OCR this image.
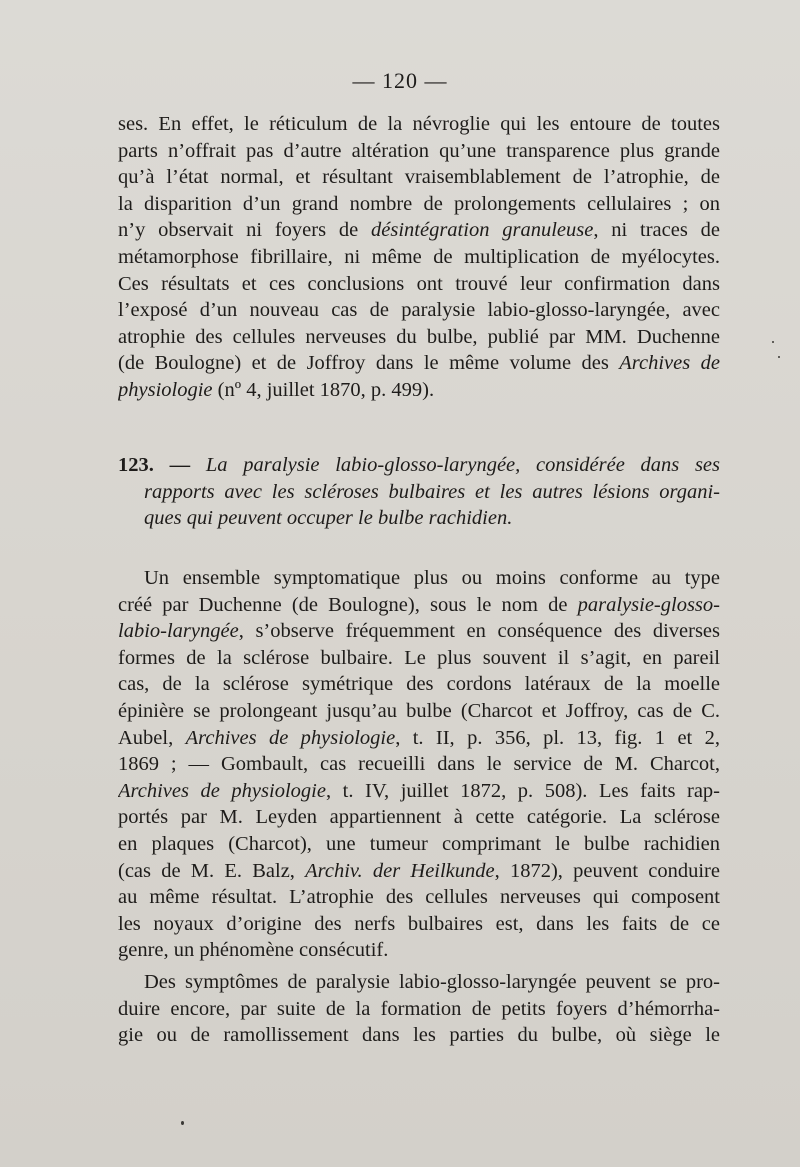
— 120 —
ses. En effet, le réticulum de la névroglie qui les entoure de toutes
parts n’offrait pas d’autre altération qu’une transparence plus grande
qu’à l’état normal, et résultant vraisemblablement de l’atrophie, de
la disparition d’un grand nombre de prolongements cellulaires ; on
n’y observait ni foyers de désintégration granuleuse, ni traces de
métamorphose fibrillaire, ni même de multiplication de myélocytes.
Ces résultats et ces conclusions ont trouvé leur confirmation dans
l’exposé d’un nouveau cas de paralysie labio-glosso-laryngée, avec
atrophie des cellules nerveuses du bulbe, publié par MM. Duchenne
(de Boulogne) et de Joffroy dans le même volume des Archives de
physiologie (nº 4, juillet 1870, p. 499).
123. — La paralysie labio-glosso-laryngée, considérée dans ses
rapports avec les scléroses bulbaires et les autres lésions organi-
ques qui peuvent occuper le bulbe rachidien.
Un ensemble symptomatique plus ou moins conforme au type
créé par Duchenne (de Boulogne), sous le nom de paralysie-glosso-
labio-laryngée, s’observe fréquemment en conséquence des diverses
formes de la sclérose bulbaire. Le plus souvent il s’agit, en pareil
cas, de la sclérose symétrique des cordons latéraux de la moelle
épinière se prolongeant jusqu’au bulbe (Charcot et Joffroy, cas de C.
Aubel, Archives de physiologie, t. II, p. 356, pl. 13, fig. 1 et 2,
1869 ; — Gombault, cas recueilli dans le service de M. Charcot,
Archives de physiologie, t. IV, juillet 1872, p. 508). Les faits rap-
portés par M. Leyden appartiennent à cette catégorie. La sclérose
en plaques (Charcot), une tumeur comprimant le bulbe rachidien
(cas de M. E. Balz, Archiv. der Heilkunde, 1872), peuvent conduire
au même résultat. L’atrophie des cellules nerveuses qui composent
les noyaux d’origine des nerfs bulbaires est, dans les faits de ce
genre, un phénomène consécutif.
Des symptômes de paralysie labio-glosso-laryngée peuvent se pro-
duire encore, par suite de la formation de petits foyers d’hémorrha-
gie ou de ramollissement dans les parties du bulbe, où siège le
